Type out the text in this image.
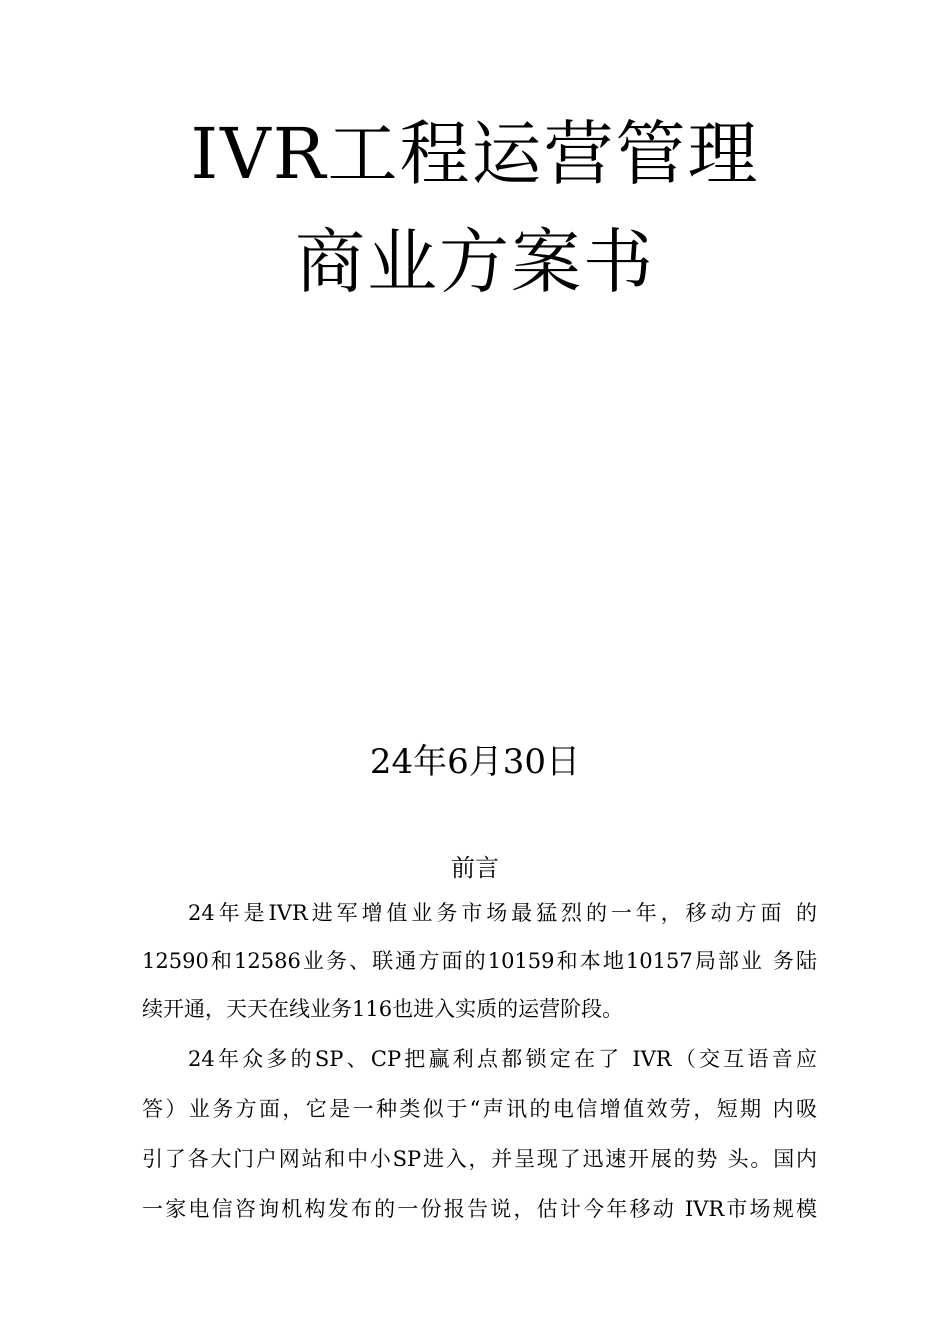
IVR工程运营管理
商业方案书
24年6月30日
前言
24年是IVR进军增值业务市场最猛烈的一年，移动方面 的
12590和12586业务、联通方面的10159和本地10157局部业 务陆
续开通，天天在线业务116也进入实质的运营阶段。
24年众多的SP、CP把赢利点都锁定在了 IVR（交互语音应
答）业务方面，它是一种类似于“声讯的电信增值效劳，短期 内吸
引了各大门户网站和中小SP进入，并呈现了迅速开展的势 头。国内
一家电信咨询机构发布的一份报告说，估计今年移动 IVR市场规模
